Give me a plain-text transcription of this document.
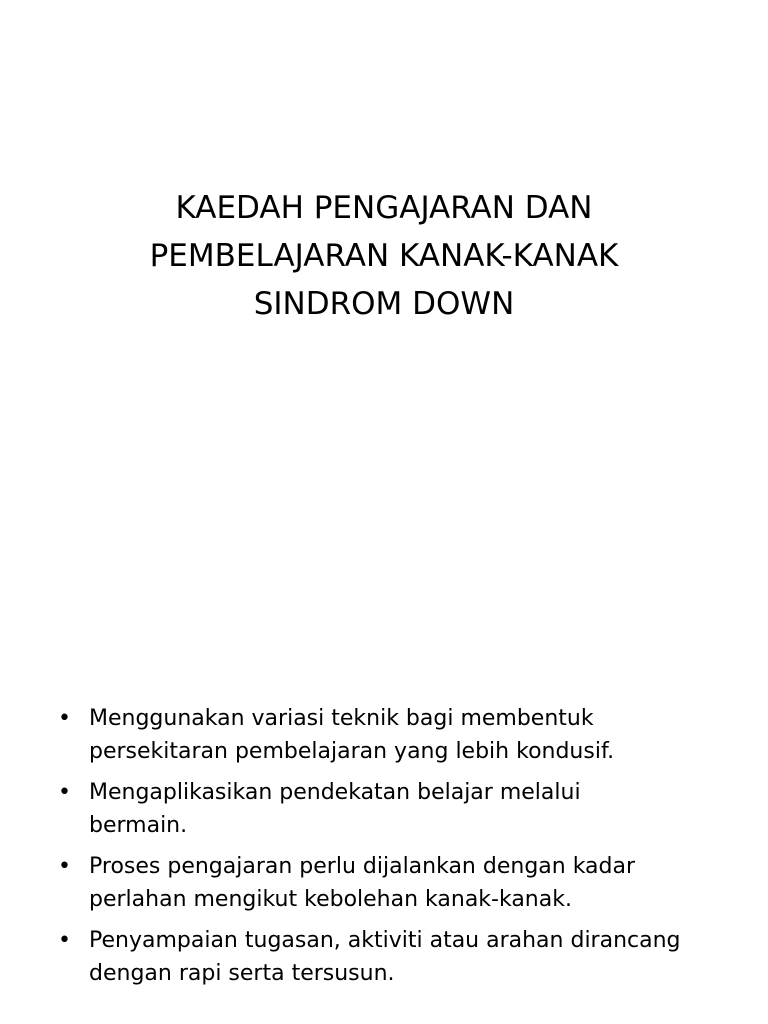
KAEDAH PENGAJARAN DAN
PEMBELAJARAN KANAK-KANAK
SINDROM DOWN
• Menggunakan variasi teknik bagi membentuk
persekitaran pembelajaran yang lebih kondusif.
• Mengaplikasikan pendekatan belajar melalui
bermain.
• Proses pengajaran perlu dijalankan dengan kadar
perlahan mengikut kebolehan kanak-kanak.
• Penyampaian tugasan, aktiviti atau arahan dirancang
dengan rapi serta tersusun.
